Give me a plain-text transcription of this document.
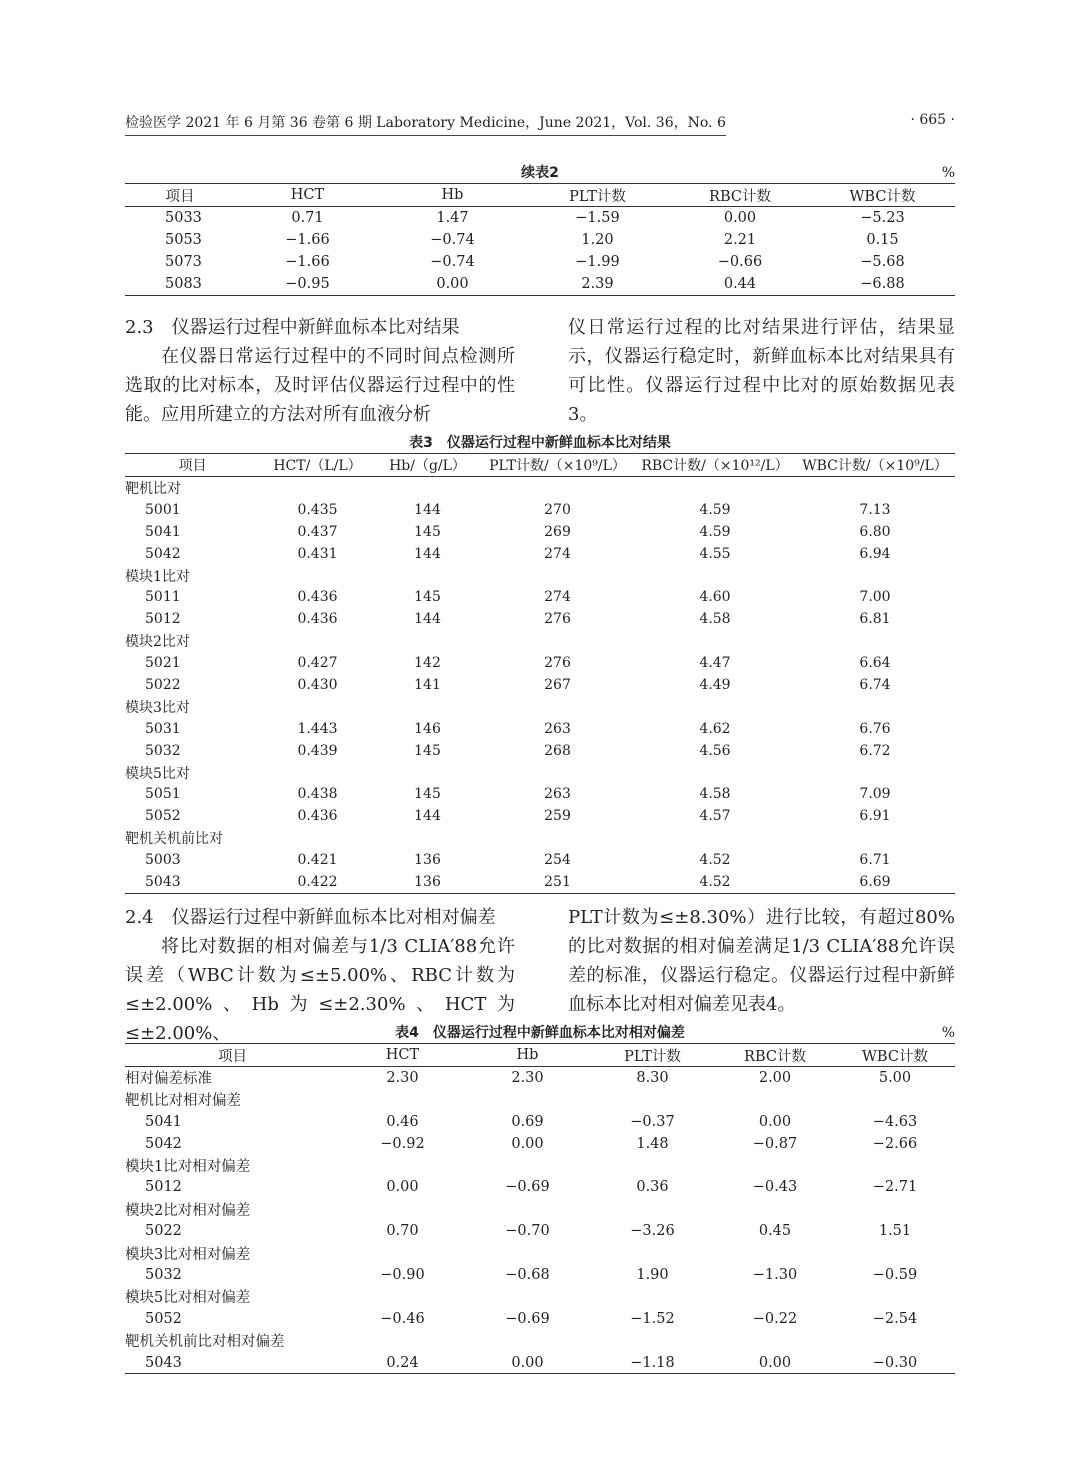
检验医学 2021 年 6 月第 36 卷第 6 期 Laboratory Medicine，June 2021，Vol. 36，No. 6	· 665 ·
续表2	%
项目	HCT	Hb	PLT计数	RBC计数	WBC计数
5033	0.71	1.47	−1.59	0.00	−5.23
5053	−1.66	−0.74	1.20	2.21	0.15
5073	−1.66	−0.74	−1.99	−0.66	−5.68
5083	−0.95	0.00	2.39	0.44	−6.88
2.3　仪器运行过程中新鲜血标本比对结果
在仪器日常运行过程中的不同时间点检测所选取的比对标本，及时评估仪器运行过程中的性能。应用所建立的方法对所有血液分析
仪日常运行过程的比对结果进行评估，结果显示，仪器运行稳定时，新鲜血标本比对结果具有可比性。仪器运行过程中比对的原始数据见表3。
表3　仪器运行过程中新鲜血标本比对结果
项目	HCT/（L/L）	Hb/（g/L）	PLT计数/（×10⁹/L）	RBC计数/（×10¹²/L）	WBC计数/（×10⁹/L）
靶机比对					
5001	0.435	144	270	4.59	7.13
5041	0.437	145	269	4.59	6.80
5042	0.431	144	274	4.55	6.94
模块1比对					
5011	0.436	145	274	4.60	7.00
5012	0.436	144	276	4.58	6.81
模块2比对					
5021	0.427	142	276	4.47	6.64
5022	0.430	141	267	4.49	6.74
模块3比对					
5031	1.443	146	263	4.62	6.76
5032	0.439	145	268	4.56	6.72
模块5比对					
5051	0.438	145	263	4.58	7.09
5052	0.436	144	259	4.57	6.91
靶机关机前比对					
5003	0.421	136	254	4.52	6.71
5043	0.422	136	251	4.52	6.69
2.4　仪器运行过程中新鲜血标本比对相对偏差
将比对数据的相对偏差与1/3 CLIA′88允许误差（WBC计数为≤±5.00%、RBC计数为≤±2.00%、Hb为≤±2.30%、HCT为≤±2.00%、
PLT计数为≤±8.30%）进行比较，有超过80%的比对数据的相对偏差满足1/3 CLIA′88允许误差的标准，仪器运行稳定。仪器运行过程中新鲜血标本比对相对偏差见表4。
表4　仪器运行过程中新鲜血标本比对相对偏差	%
项目	HCT	Hb	PLT计数	RBC计数	WBC计数
相对偏差标准	2.30	2.30	8.30	2.00	5.00
靶机比对相对偏差					
5041	0.46	0.69	−0.37	0.00	−4.63
5042	−0.92	0.00	1.48	−0.87	−2.66
模块1比对相对偏差					
5012	0.00	−0.69	0.36	−0.43	−2.71
模块2比对相对偏差					
5022	0.70	−0.70	−3.26	0.45	1.51
模块3比对相对偏差					
5032	−0.90	−0.68	1.90	−1.30	−0.59
模块5比对相对偏差					
5052	−0.46	−0.69	−1.52	−0.22	−2.54
靶机关机前比对相对偏差					
5043	0.24	0.00	−1.18	0.00	−0.30
